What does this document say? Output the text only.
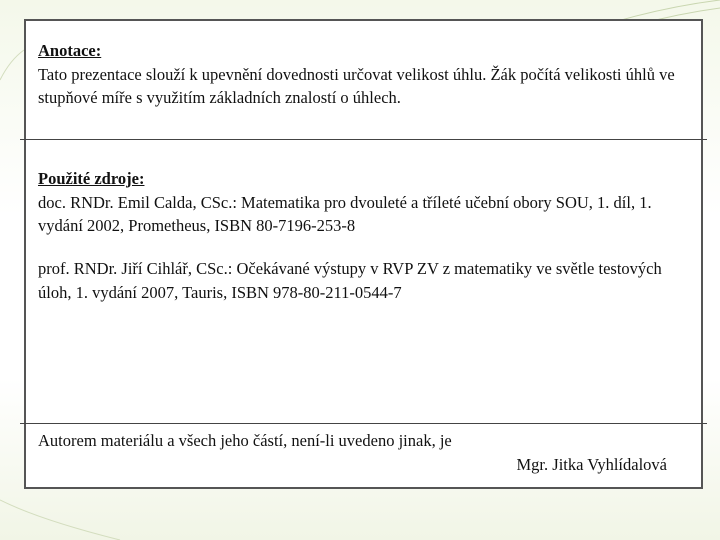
Anotace:
Tato prezentace slouží k upevnění dovednosti určovat velikost úhlu. Žák počítá velikosti úhlů ve stupňové míře s využitím základních znalostí o úhlech.
Použité zdroje:
doc. RNDr. Emil Calda, CSc.: Matematika pro dvouleté a tříleté učební obory SOU, 1. díl, 1. vydání 2002, Prometheus, ISBN 80-7196-253-8
prof. RNDr. Jiří Cihlář, CSc.: Očekávané výstupy v RVP ZV z matematiky ve světle testových úloh, 1. vydání 2007, Tauris, ISBN 978-80-211-0544-7
Autorem materiálu a všech jeho částí, není-li uvedeno jinak, je
Mgr. Jitka Vyhlídalová
